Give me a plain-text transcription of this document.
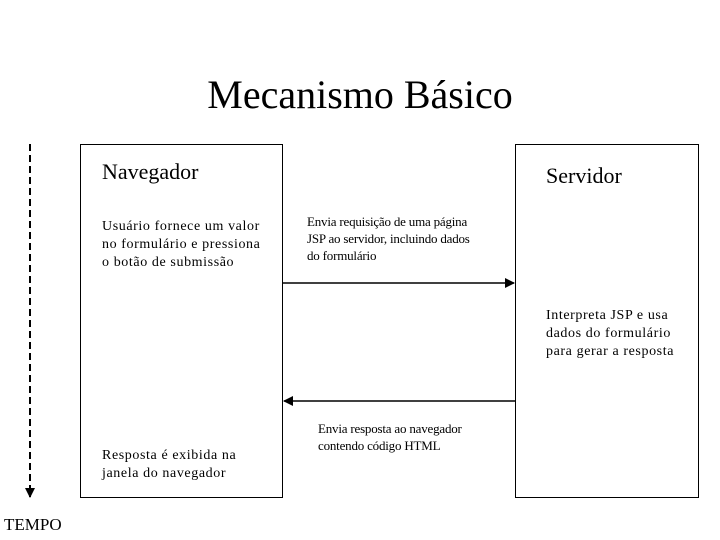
Mecanismo Básico
Navegador
Usuário fornece um valor
no formulário e pressiona
o botão de submissão
Resposta é exibida na
janela do navegador
Servidor
Interpreta JSP e usa
dados do formulário
para gerar a resposta
Envia requisição de uma página
JSP ao servidor, incluindo dados
do formulário
Envia resposta ao navegador
contendo código HTML
TEMPO
